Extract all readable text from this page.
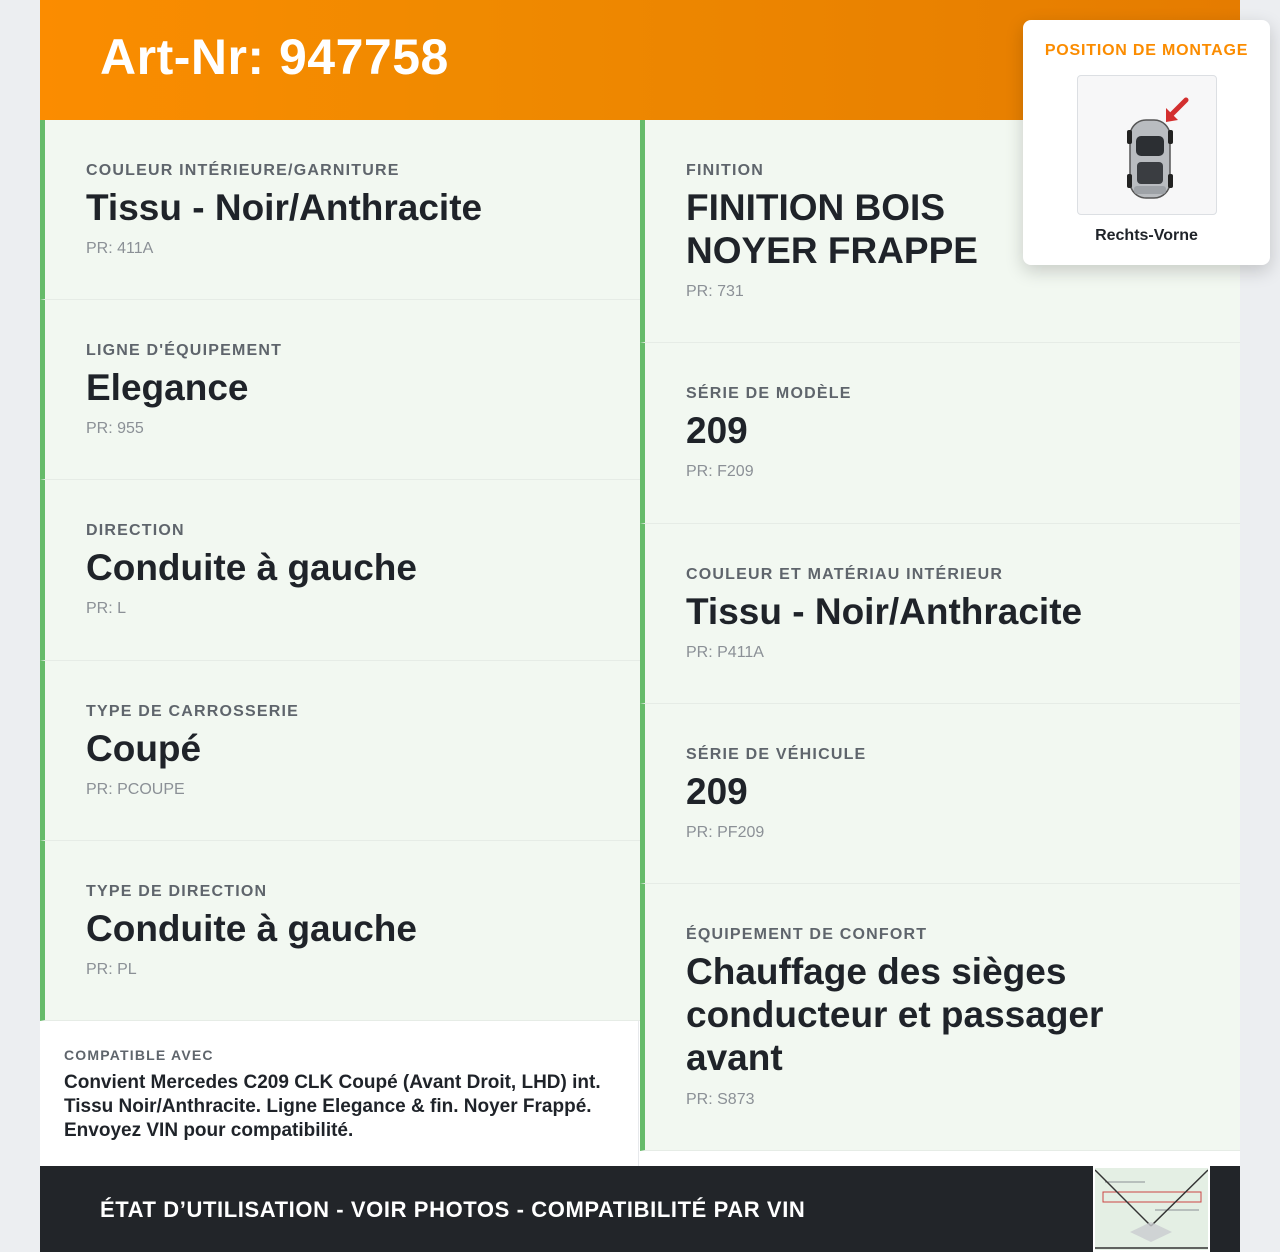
Art-Nr: 947758
COULEUR INTÉRIEURE/GARNITURE
Tissu - Noir/Anthracite
PR: 411A
LIGNE D'ÉQUIPEMENT
Elegance
PR: 955
DIRECTION
Conduite à gauche
PR: L
TYPE DE CARROSSERIE
Coupé
PR: PCOUPE
TYPE DE DIRECTION
Conduite à gauche
PR: PL
FINITION
FINITION BOIS NOYER FRAPPE
PR: 731
SÉRIE DE MODÈLE
209
PR: F209
COULEUR ET MATÉRIAU INTÉRIEUR
Tissu - Noir/Anthracite
PR: P411A
SÉRIE DE VÉHICULE
209
PR: PF209
ÉQUIPEMENT DE CONFORT
Chauffage des sièges conducteur et passager avant
PR: S873
COMPATIBLE AVEC
Convient Mercedes C209 CLK Coupé (Avant Droit, LHD) int. Tissu Noir/Anthracite. Ligne Elegance & fin. Noyer Frappé. Envoyez VIN pour compatibilité.
ÉTAT D’UTILISATION - VOIR PHOTOS - COMPATIBILITÉ PAR VIN
POSITION DE MONTAGE
Rechts-Vorne
